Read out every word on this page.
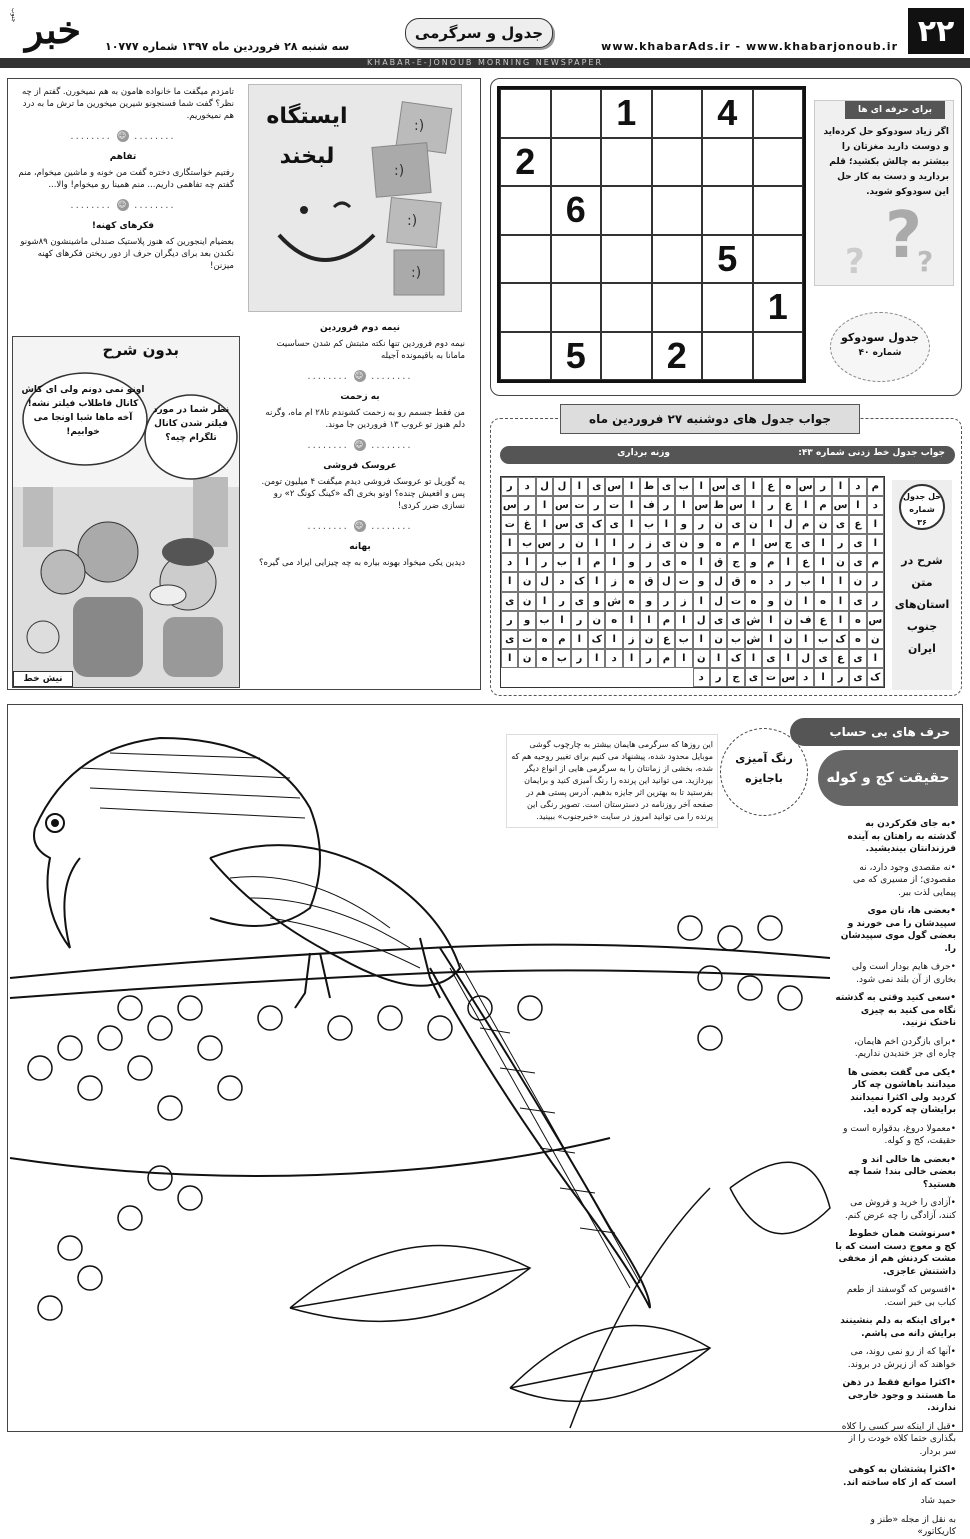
۲۲
www.khabarAds.ir - www.khabarjonoub.ir
جدول و سرگرمی
سه شنبه ۲۸ فروردین ماه ۱۳۹۷ شماره ۱۰۷۷۷
خبر
جنوب
KHABAR-E-JONOUB MORNING NEWSPAPER
تامزدم میگفت ما خانواده هامون به هم نمیخورن. گفتم از چه نظر؟ گفت شما فسنجونو شیرین میخورین ما ترش ما به درد هم نمیخوریم.
........ ☺ ........
تفاهم
رفتیم خواستگاری دختره گفت من خونه و ماشین میخوام، منم گفتم چه تفاهمی داریم... منم همینا رو میخوام! والا...
........ ☺ ........
فکرهای کهنه!
بعضیام اینجورین که هنوز پلاستیک صندلی ماشینشون ۸۹شونو نکندن بعد برای دیگران حرف از دور ریختن فکرهای کهنه میزنن!
ایستگاه لبخند
:)
:)
:)
:)
نیمه دوم فروردین
نیمه دوم فروردین تنها نکته مثبتش کم شدن حساسیت مامانا به باقیمونده آجیله
........ ☺ ........
به زحمت
من فقط جسمم رو به زحمت کشوندم تا۲۸ ام ماه، وگرنه دلم هنوز تو غروب ۱۳ فروردین جا موند.
........ ☺ ........
عروسک فروشی
یه گوریل تو عروسک فروشی دیدم میگفت ۴ میلیون تومن. پس و افعیش چنده؟ اونو بخری اگه «کینگ کونگ ۲» رو نسازی ضرر کردی!
........ ☺ ........
بهانه
دیدین یکی میخواد بهونه بیاره به چه چیزایی ایراد می گیره؟
بدون شرح
اونو نمی دونم ولی ای کاش کانال فاطلاب فیلتر نشه! آخه ماها شبا اونجا می خوابیم!
نظر شما در مورد فیلتر شدن کانال تلگرام چیه؟
نیش خط
1	4
2
6
5
1
5	2
برای حرفه ای ها
اگر زیاد سودوکو حل کرده‌اید و دوست دارید مغزتان را بیشتر به چالش بکشید؛ قلم بردارید و دست به کار حل این سودوکو شوید.
?
? ?
جدول سودوکو
شماره ۴۰
جواب جدول های دوشنبه ۲۷ فروردین ماه
جواب جدول خط زدنی شماره ۴۳:
وزنه برداری
م
د
ا
ر
س
ه
ع
ا
ی
س
ا
ب
ی
ط
ا
س
ی
ا
ل
ل
د
ر
د
ا
س
م
ا
ع
ر
ا
س
ط
س
ا
ر
ف
ا
ت
ر
ت
س
ا
ر
س
ا
ع
ی
ن
م
ل
ا
ن
ی
ن
ر
و
ا
ب
ا
ی
ک
ی
س
ا
غ
ت
ا
ی
ر
ا
ی
ج
س
ا
م
ه
و
ن
ی
ز
ر
ا
ا
ن
ر
س
ب
ا
م
ی
ن
ا
ع
ا
م
و
ج
ق
ا
ه
ی
ر
و
ا
م
ا
ب
ر
ا
د
ر
ن
ا
ا
ب
ر
د
ه
ق
ل
و
ت
ل
ق
ه
ز
ا
ک
د
ل
ن
ا
ر
ی
ا
ه
ا
ن
و
ه
ت
ل
ا
ز
ر
و
ه
ش
و
ی
ر
ا
ن
ی
س
ه
ا
ع
ف
ن
ا
ش
ی
ی
ل
ا
م
ا
ا
ه
ن
ر
ا
ب
و
ر
ن
ه
ک
ب
ا
ن
ا
ش
ب
ن
ا
ب
ع
ن
ز
ا
ک
ا
م
ه
ت
ی
ا
ی
ع
ی
ل
ا
ی
ا
ک
ا
ن
ا
م
ر
ا
د
ا
ر
ب
ه
ن
ا
ک
ی
ر
ا
د
س
ت
ی
ج
ر
د
حل جدول
شماره
۳۶
شرح در متن استان‌های جنوب ایران
رنگ آمیزی باجایزه
این روزها که سرگرمی هایمان بیشتر به چارچوب گوشی موبایل محدود شده، پیشنهاد می کنیم برای تغییر روحیه هم که شده، بخشی از زمانتان را به سرگرمی هایی از انواع دیگر بپردازید. می توانید این پرنده را رنگ آمیزی کنید و برایمان بفرستید تا به بهترین اثر جایزه بدهیم. آدرس پستی هم در صفحه آخر روزنامه در دسترستان است. تصویر رنگی این پرنده را می توانید امروز در سایت «خبرجنوب» ببینید.
حرف های بی حساب
حقیقت کج و کوله

•به جای فکرکردن به گذشته به راهتان به آینده فرزندانتان بیندیشید.

•نه مقصدی وجود دارد، نه مقصودی؛ از مسیری که می پیمایی لذت ببر.

•بعضی ها، نان موی سپیدشان را می خورند و بعضی گول موی سپیدشان را.

•حرف هایم بودار است ولی بخاری از آن بلند نمی شود.

•سعی کنید وقتی به گذشته نگاه می کنید به چیزی ناخنک نزنید.

•برای بازگردن اخم هایمان، چاره ای جز خندیدن نداریم.

•یکی می گفت بعضی ها میدانند باهاشون چه کار کردید ولی اکثرا نمیدانند برایشان چه کرده اید.

•معمولا دروغ، بدقواره است و حقیقت، کج و کوله.

•بعضی ها خالی اند و بعضی خالی بند! شما چه هستید؟

•آزادی را خرید و فروش می کنند، آزادگی را چه عرض کنم.

•سرنوشت همان خطوط کج و معوج دست است که با مشت کردنش هم از مخفی داشتنش عاجزی.

•افسوس که گوسفند از طعم کباب بی خبر است.

•برای اینکه به دلم بنشینند برایش دانه می پاشم.

•آنها که از رو نمی روند، می خواهند که از زیرش در بروند.

•اکثرا موانع فقط در ذهن ما هستند و وجود خارجی ندارند.

•قبل از اینکه سر کسی را کلاه بگذاری حتما کلاه خودت را از سر بردار.

•اکثرا پشتشان به کوهی است که از کاه ساخته اند.

حمید شاد

به نقل از مجله «طنز و کاریکاتور»
